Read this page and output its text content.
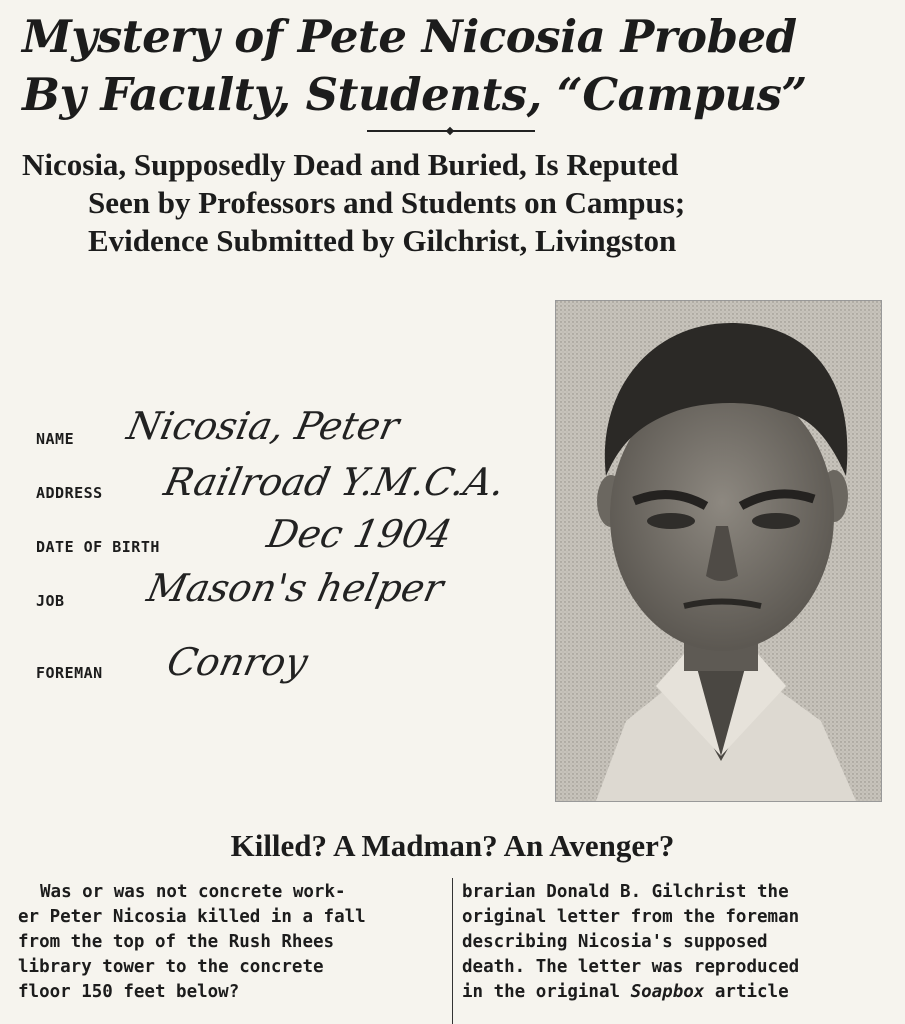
Mystery of Pete Nicosia Probed
By Faculty, Students, “Campus”
Nicosia, Supposedly Dead and Buried, Is Reputed
Seen by Professors and Students on Campus;
Evidence Submitted by Gilchrist, Livingston
NAME Nicosia, Peter
ADDRESS Railroad Y.M.C.A.
DATE OF BIRTH	Dec 1904
JOB Mason's helper
FOREMAN Conroy
Killed? A Madman? An Avenger?
Was or was not concrete work-
er Peter Nicosia killed in a fall
from the top of the Rush Rhees
library tower to the concrete
floor 150 feet below?
brarian Donald B. Gilchrist the
original letter from the foreman
describing Nicosia's supposed
death. The letter was reproduced
in the original Soapbox article
